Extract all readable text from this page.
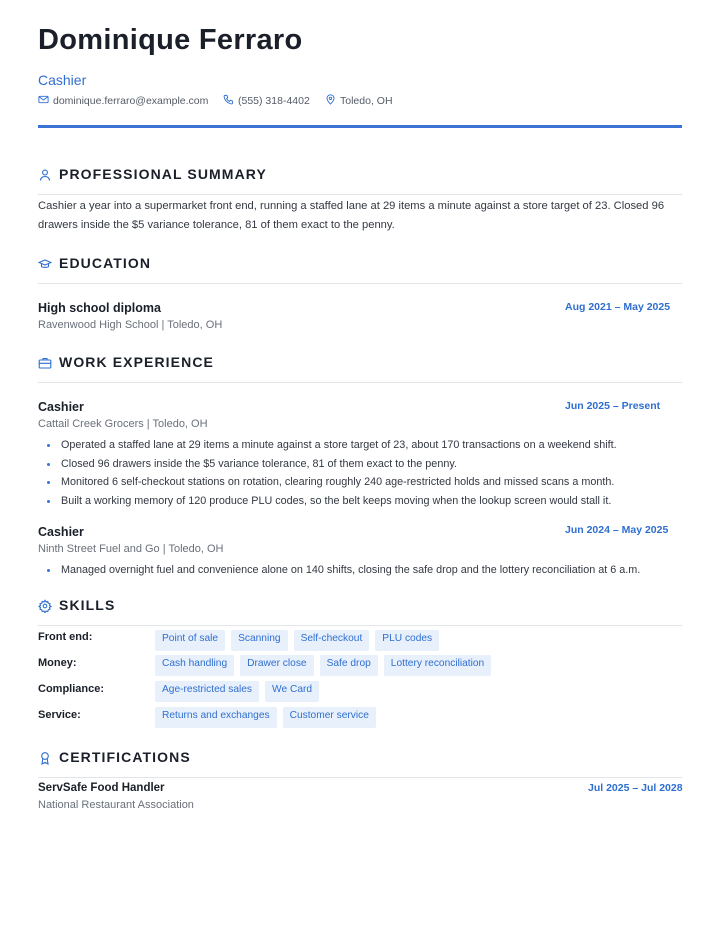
Dominique Ferraro
Cashier
dominique.ferraro@example.com	(555) 318-4402	Toledo, OH
PROFESSIONAL SUMMARY
Cashier a year into a supermarket front end, running a staffed lane at 29 items a minute against a store target of 23. Closed 96 drawers inside the $5 variance tolerance, 81 of them exact to the penny.
EDUCATION
High school diploma	Aug 2021 – May 2025
Ravenwood High School | Toledo, OH
WORK EXPERIENCE
Cashier	Jun 2025 – Present
Cattail Creek Grocers | Toledo, OH
Operated a staffed lane at 29 items a minute against a store target of 23, about 170 transactions on a weekend shift.
Closed 96 drawers inside the $5 variance tolerance, 81 of them exact to the penny.
Monitored 6 self-checkout stations on rotation, clearing roughly 240 age-restricted holds and missed scans a month.
Built a working memory of 120 produce PLU codes, so the belt keeps moving when the lookup screen would stall it.
Cashier	Jun 2024 – May 2025
Ninth Street Fuel and Go | Toledo, OH
Managed overnight fuel and convenience alone on 140 shifts, closing the safe drop and the lottery reconciliation at 6 a.m.
SKILLS
Front end:	Point of sale	Scanning	Self-checkout	PLU codes
Money:	Cash handling	Drawer close	Safe drop	Lottery reconciliation
Compliance:	Age-restricted sales	We Card
Service:	Returns and exchanges	Customer service
CERTIFICATIONS
ServSafe Food Handler	Jul 2025 – Jul 2028
National Restaurant Association
